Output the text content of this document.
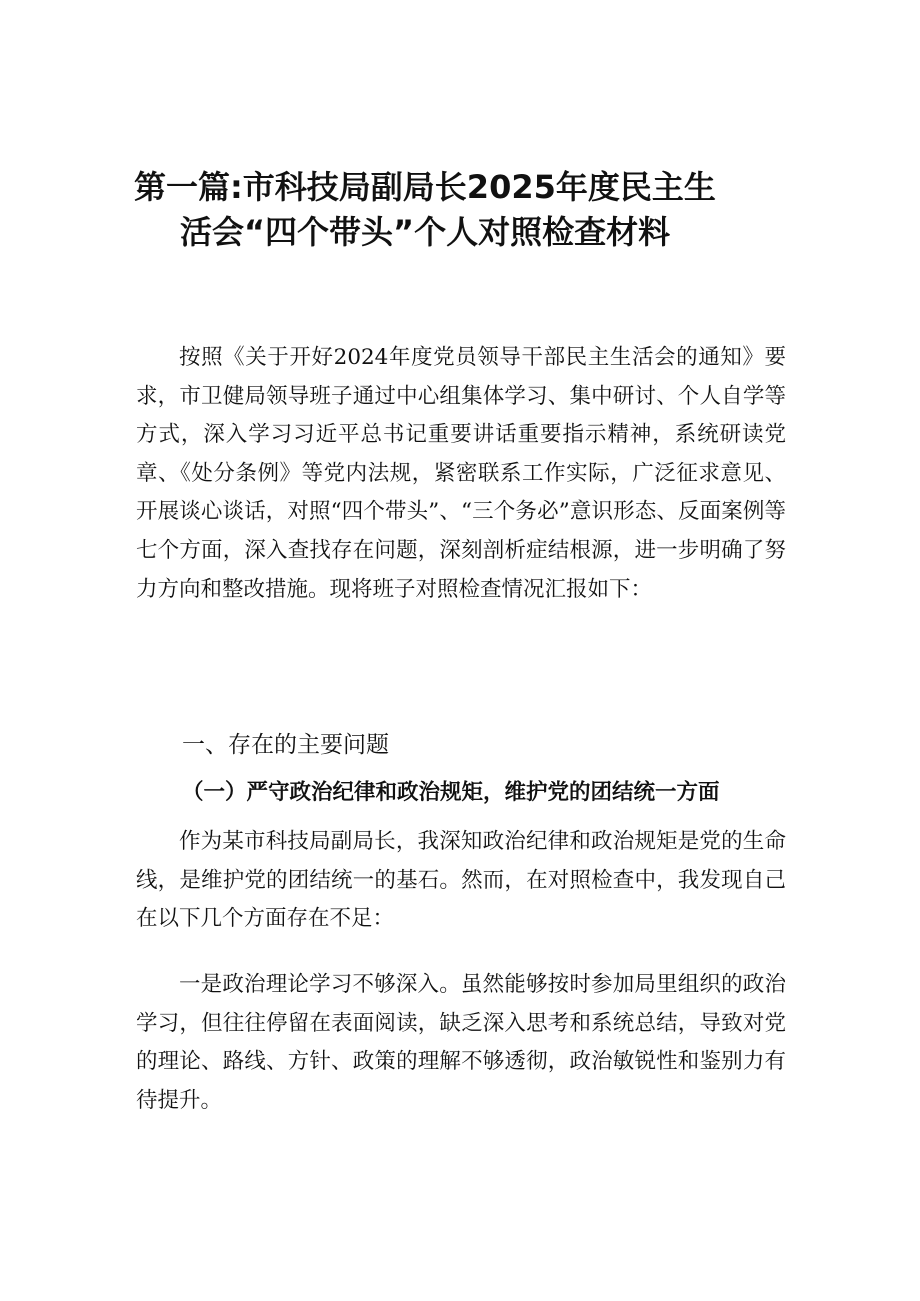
第一篇:市科技局副局长2025年度民主生
活会“四个带头”个人对照检查材料

按照《关于开好2024年度党员领导干部民主生活会的通知》要求，市卫健局领导班子通过中心组集体学习、集中研讨、个人自学等方式，深入学习习近平总书记重要讲话重要指示精神，系统研读党章、《处分条例》等党内法规，紧密联系工作实际，广泛征求意见、开展谈心谈话，对照“四个带头”、“三个务必”意识形态、反面案例等七个方面，深入查找存在问题，深刻剖析症结根源，进一步明确了努力方向和整改措施。现将班子对照检查情况汇报如下：

一、存在的主要问题
（一）严守政治纪律和政治规矩，维护党的团结统一方面

作为某市科技局副局长，我深知政治纪律和政治规矩是党的生命线，是维护党的团结统一的基石。然而，在对照检查中，我发现自己在以下几个方面存在不足：

一是政治理论学习不够深入。虽然能够按时参加局里组织的政治学习，但往往停留在表面阅读，缺乏深入思考和系统总结，导致对党的理论、路线、方针、政策的理解不够透彻，政治敏锐性和鉴别力有待提升。
